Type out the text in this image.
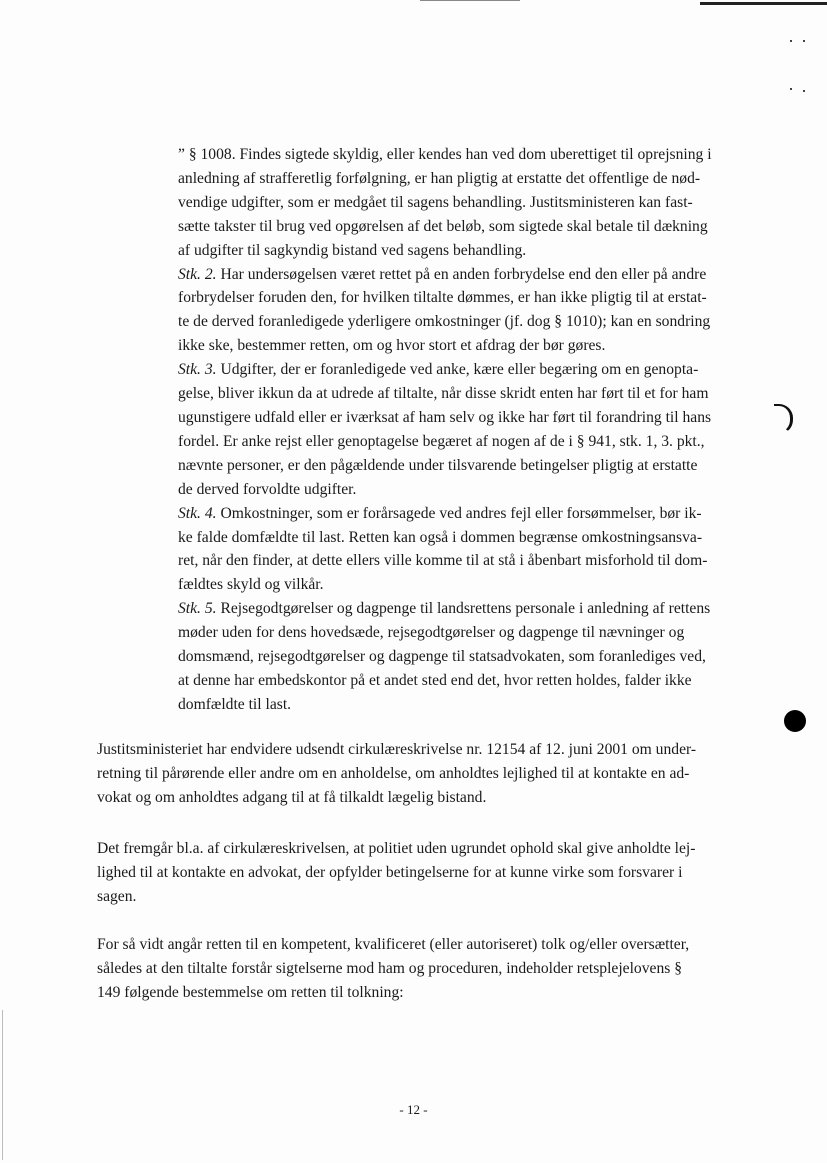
” § 1008. Findes sigtede skyldig, eller kendes han ved dom uberettiget til oprejsning i
anledning af strafferetlig forfølgning, er han pligtig at erstatte det offentlige de nød-
vendige udgifter, som er medgået til sagens behandling. Justitsministeren kan fast-
sætte takster til brug ved opgørelsen af det beløb, som sigtede skal betale til dækning
af udgifter til sagkyndig bistand ved sagens behandling.

Stk. 2. Har undersøgelsen været rettet på en anden forbrydelse end den eller på andre
forbrydelser foruden den, for hvilken tiltalte dømmes, er han ikke pligtig til at erstat-
te de derved foranledigede yderligere omkostninger (jf. dog § 1010); kan en sondring
ikke ske, bestemmer retten, om og hvor stort et afdrag der bør gøres.

Stk. 3. Udgifter, der er foranledigede ved anke, kære eller begæring om en genopta-
gelse, bliver ikkun da at udrede af tiltalte, når disse skridt enten har ført til et for ham
ugunstigere udfald eller er iværksat af ham selv og ikke har ført til forandring til hans
fordel. Er anke rejst eller genoptagelse begæret af nogen af de i § 941, stk. 1, 3. pkt.,
nævnte personer, er den pågældende under tilsvarende betingelser pligtig at erstatte
de derved forvoldte udgifter.

Stk. 4. Omkostninger, som er forårsagede ved andres fejl eller forsømmelser, bør ik-
ke falde domfældte til last. Retten kan også i dommen begrænse omkostningsansva-
ret, når den finder, at dette ellers ville komme til at stå i åbenbart misforhold til dom-
fældtes skyld og vilkår.

Stk. 5. Rejsegodtgørelser og dagpenge til landsrettens personale i anledning af rettens
møder uden for dens hovedsæde, rejsegodtgørelser og dagpenge til nævninger og
domsmænd, rejsegodtgørelser og dagpenge til statsadvokaten, som foranlediges ved,
at denne har embedskontor på et andet sted end det, hvor retten holdes, falder ikke
domfældte til last.

Justitsministeriet har endvidere udsendt cirkulæreskrivelse nr. 12154 af 12. juni 2001 om under-
retning til pårørende eller andre om en anholdelse, om anholdtes lejlighed til at kontakte en ad-
vokat og om anholdtes adgang til at få tilkaldt lægelig bistand.

Det fremgår bl.a. af cirkulæreskrivelsen, at politiet uden ugrundet ophold skal give anholdte lej-
lighed til at kontakte en advokat, der opfylder betingelserne for at kunne virke som forsvarer i
sagen.

For så vidt angår retten til en kompetent, kvalificeret (eller autoriseret) tolk og/eller oversætter,
således at den tiltalte forstår sigtelserne mod ham og proceduren, indeholder retsplejelovens §
149 følgende bestemmelse om retten til tolkning:

- 12 -
